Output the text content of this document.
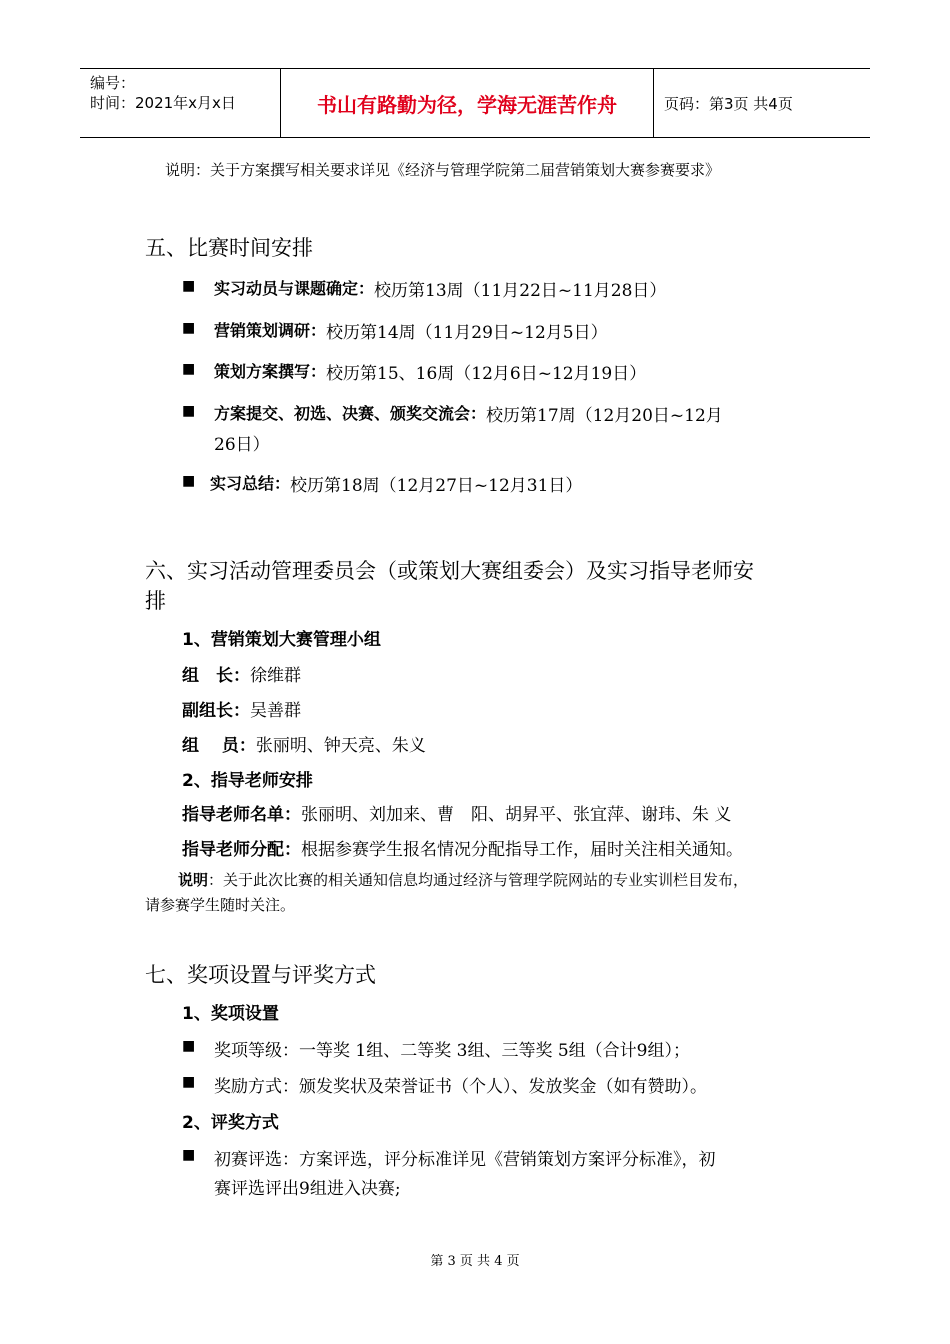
编号：
时间：2021年x月x日	书山有路勤为径，学海无涯苦作舟	页码：第3页 共4页
说明：关于方案撰写相关要求详见《经济与管理学院第二届营销策划大赛参赛要求》
五、比赛时间安排
■	实习动员与课题确定： 校历第13周（11月22日~11月28日）
■	营销策划调研： 校历第14周（11月29日~12月5日）
■	策划方案撰写： 校历第15、16周（12月6日~12月19日）
■	方案提交、初选、决赛、颁奖交流会： 校历第17周（12月20日~12月
26日）
■ 实习总结： 校历第18周（12月27日~12月31日）
六、实习活动管理委员会（或策划大赛组委会）及实习指导老师安
排
1、营销策划大赛管理小组
组　长：徐维群
副组长：吴善群
组　 员：张丽明、钟天亮、朱义
2、指导老师安排
指导老师名单：张丽明、刘加来、曹　阳、胡昇平、张宜萍、谢玮、朱 义
指导老师分配：根据参赛学生报名情况分配指导工作，届时关注相关通知。
说明：关于此次比赛的相关通知信息均通过经济与管理学院网站的专业实训栏目发布，
请参赛学生随时关注。
七、奖项设置与评奖方式
1、奖项设置
■	奖项等级：一等奖 1组、二等奖 3组、三等奖 5组（合计9组）；
■	奖励方式：颁发奖状及荣誉证书（个人）、发放奖金（如有赞助）。
2、评奖方式
■	初赛评选：方案评选，评分标准详见《营销策划方案评分标准》，初
赛评选评出9组进入决赛;
第 3 页 共 4 页
